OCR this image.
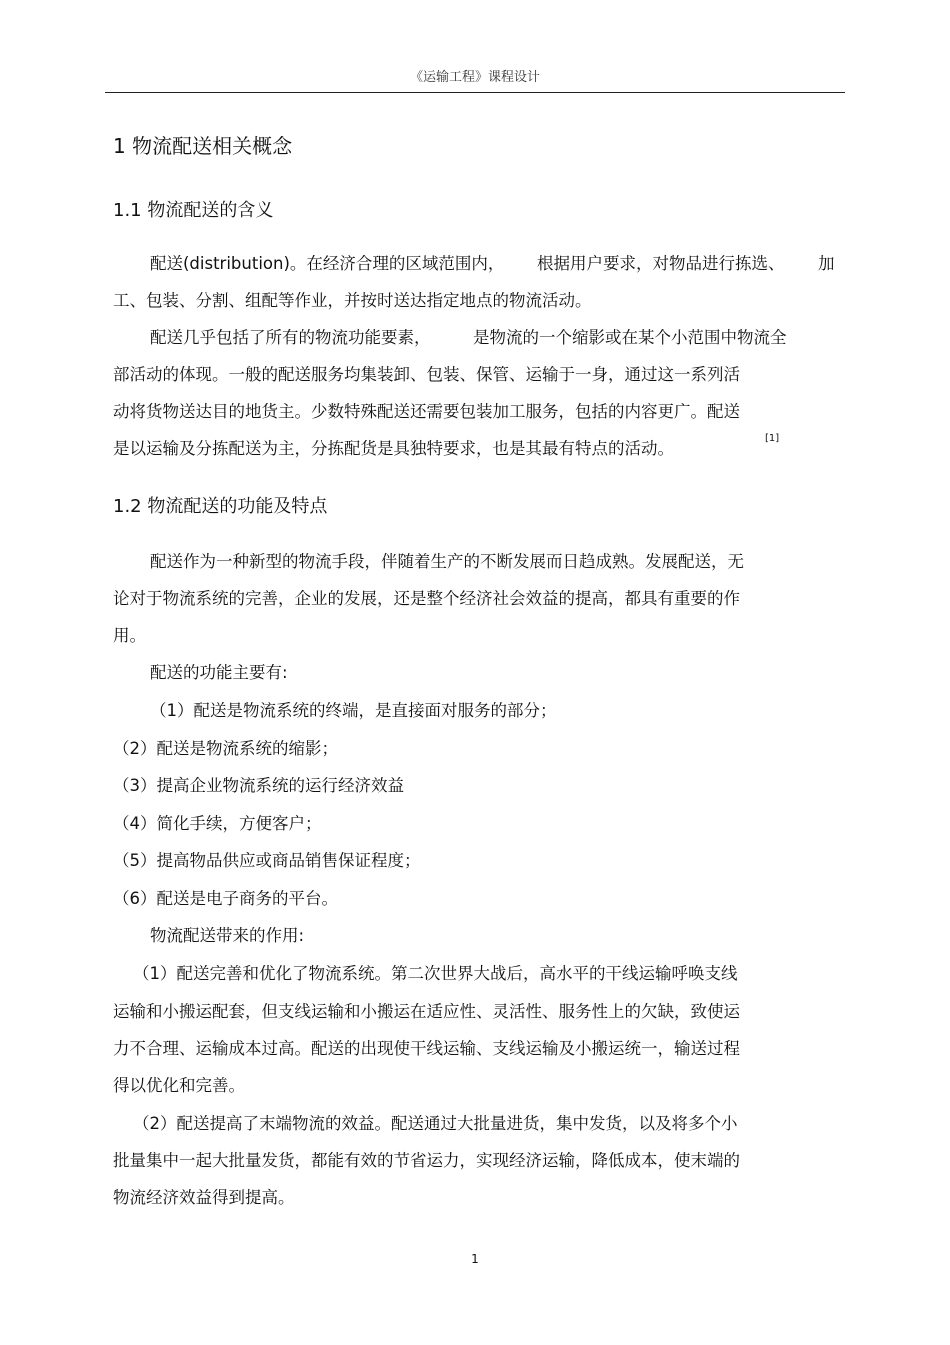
《运输工程》课程设计
1 物流配送相关概念
1.1 物流配送的含义
配送(distribution)。在经济合理的区域范围内， 根据用户要求，对物品进行拣选、 加
工、包装、分割、组配等作业，并按时送达指定地点的物流活动。
配送几乎包括了所有的物流功能要素，	是物流的一个缩影或在某个小范围中物流全
部活动的体现。一般的配送服务均集装卸、包装、保管、运输于一身，通过这一系列活
动将货物送达目的地货主。少数特殊配送还需要包装加工服务，包括的内容更广。配送
是以运输及分拣配送为主，分拣配货是具独特要求，也是其最有特点的活动。
[1]
1.2 物流配送的功能及特点
配送作为一种新型的物流手段，伴随着生产的不断发展而日趋成熟。发展配送，无
论对于物流系统的完善，企业的发展，还是整个经济社会效益的提高，都具有重要的作
用。
配送的功能主要有:
（1）配送是物流系统的终端，是直接面对服务的部分；
（2）配送是物流系统的缩影；
（3）提高企业物流系统的运行经济效益
（4）简化手续，方便客户；
（5）提高物品供应或商品销售保证程度；
（6）配送是电子商务的平台。
物流配送带来的作用:
（1）配送完善和优化了物流系统。第二次世界大战后，高水平的干线运输呼唤支线
运输和小搬运配套，但支线运输和小搬运在适应性、灵活性、服务性上的欠缺，致使运
力不合理、运输成本过高。配送的出现使干线运输、支线运输及小搬运统一，输送过程
得以优化和完善。
（2）配送提高了末端物流的效益。配送通过大批量进货，集中发货，以及将多个小
批量集中一起大批量发货，都能有效的节省运力，实现经济运输，降低成本，使末端的
物流经济效益得到提高。
1
